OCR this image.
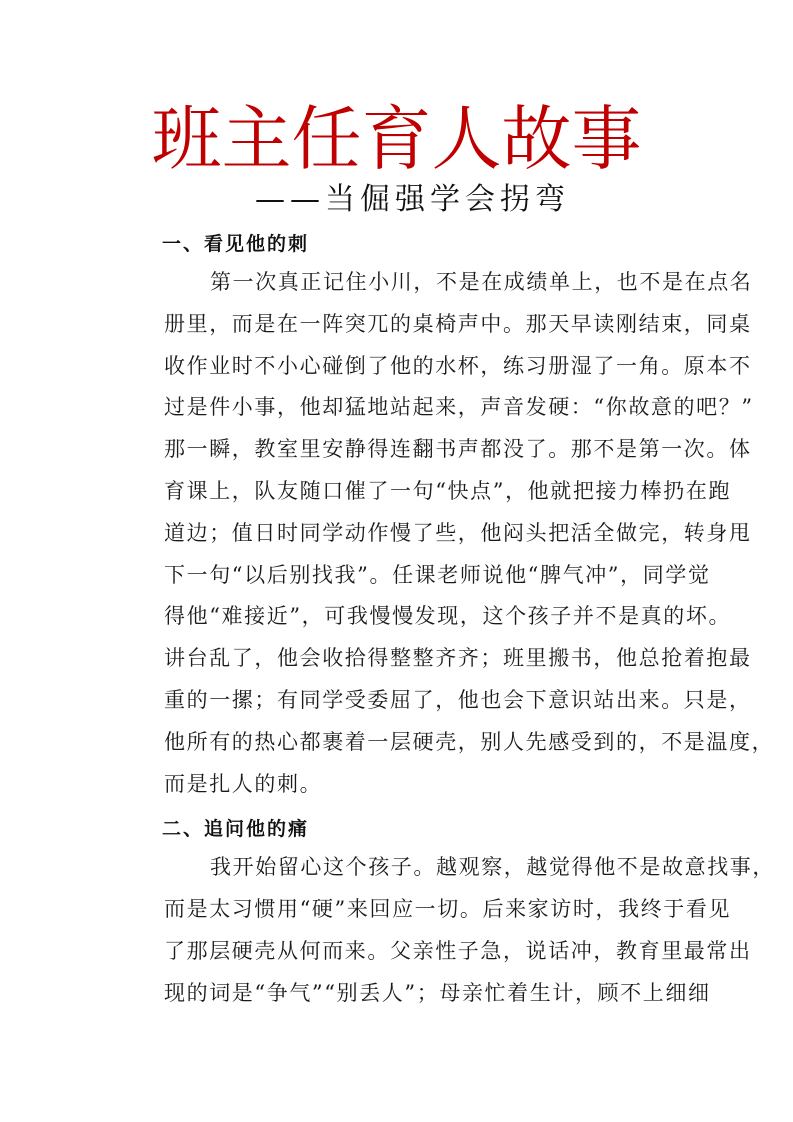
班主任育人故事
——当倔强学会拐弯
一、看见他的刺
第一次真正记住小川，不是在成绩单上，也不是在点名
册里，而是在一阵突兀的桌椅声中。那天早读刚结束，同桌
收作业时不小心碰倒了他的水杯，练习册湿了一角。原本不
过是件小事，他却猛地站起来，声音发硬：“你故意的吧？”
那一瞬，教室里安静得连翻书声都没了。那不是第一次。体
育课上，队友随口催了一句“快点”，他就把接力棒扔在跑
道边；值日时同学动作慢了些，他闷头把活全做完，转身甩
下一句“以后别找我”。任课老师说他“脾气冲”，同学觉
得他“难接近”，可我慢慢发现，这个孩子并不是真的坏。
讲台乱了，他会收拾得整整齐齐；班里搬书，他总抢着抱最
重的一摞；有同学受委屈了，他也会下意识站出来。只是，
他所有的热心都裹着一层硬壳，别人先感受到的，不是温度，
而是扎人的刺。
二、追问他的痛
我开始留心这个孩子。越观察，越觉得他不是故意找事，
而是太习惯用“硬”来回应一切。后来家访时，我终于看见
了那层硬壳从何而来。父亲性子急，说话冲，教育里最常出
现的词是“争气”“别丢人”；母亲忙着生计，顾不上细细
